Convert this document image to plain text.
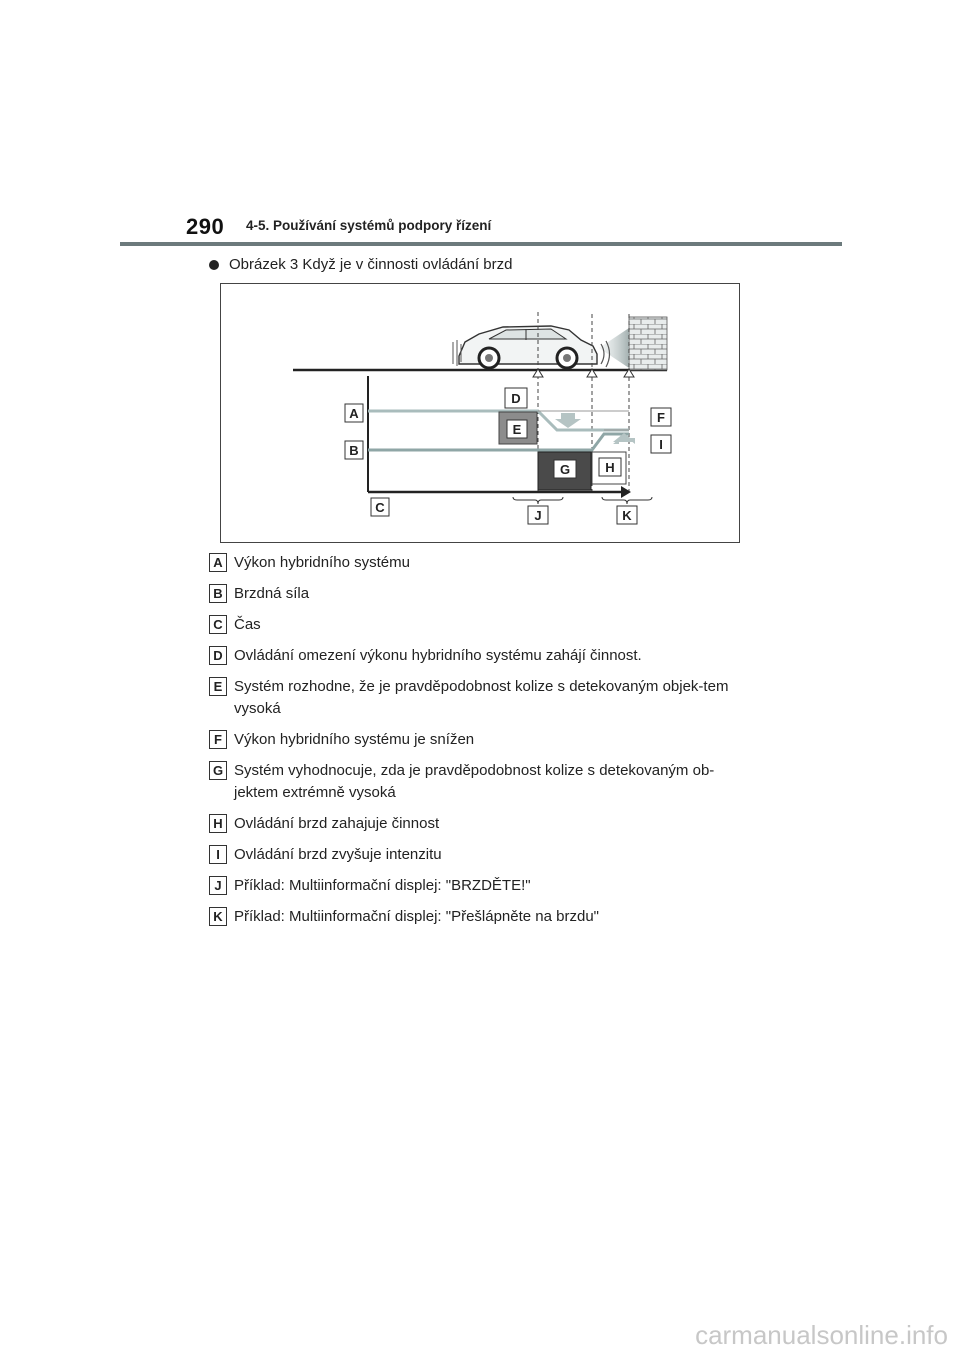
290 4-5. Používání systémů podpory řízení
Obrázek 3 Když je v činnosti ovládání brzd
A
B
C
D
E
F
G	H
I
J	K
A Výkon hybridního systému
B Brzdná síla
C Čas
D Ovládání omezení výkonu hybridního systému zahájí činnost.
E Systém rozhodne, že je pravděpodobnost kolize s detekovaným objek-tem vysoká
F Výkon hybridního systému je snížen
G Systém vyhodnocuje, zda je pravděpodobnost kolize s detekovaným ob-jektem extrémně vysoká
H Ovládání brzd zahajuje činnost
I Ovládání brzd zvyšuje intenzitu
J Příklad: Multiinformační displej: "BRZDĚTE!"
K Příklad: Multiinformační displej: "Přešlápněte na brzdu"
carmanualsonline.info
